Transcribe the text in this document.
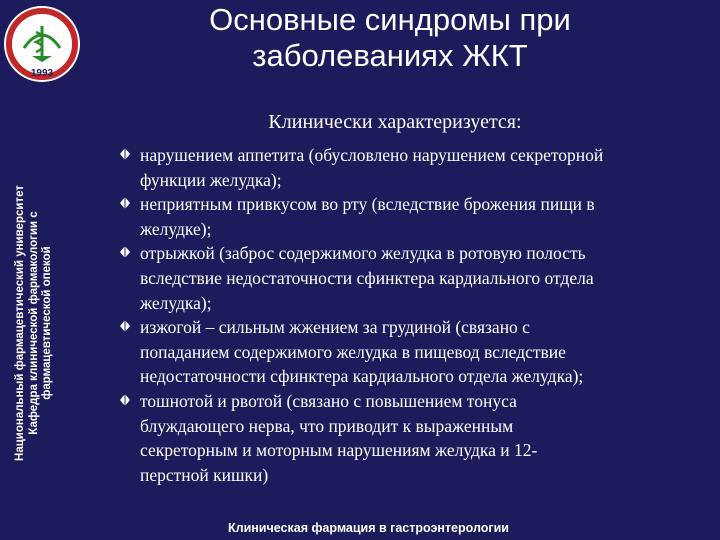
1993
Основные синдромы при
заболеваниях ЖКТ
Национальный фармацевтический университет Кафедра клинической фармакологии с фармацевтической опекой
Клинически характеризуется:
нарушением аппетита (обусловлено нарушением секреторной
функции желудка);
неприятным привкусом во рту (вследствие брожения пищи в
желудке);
отрыжкой (заброс содержимого желудка в ротовую полость
вследствие недостаточности сфинктера кардиального отдела
желудка);
изжогой – сильным жжением за грудиной (связано с
попаданием содержимого желудка в пищевод вследствие
недостаточности сфинктера кардиального отдела желудка);
тошнотой и рвотой (связано с повышением тонуса
блуждающего нерва, что приводит к выраженным
секреторным и моторным нарушениям желудка и 12-
перстной кишки)
Клиническая фармация в гастроэнтерологии
